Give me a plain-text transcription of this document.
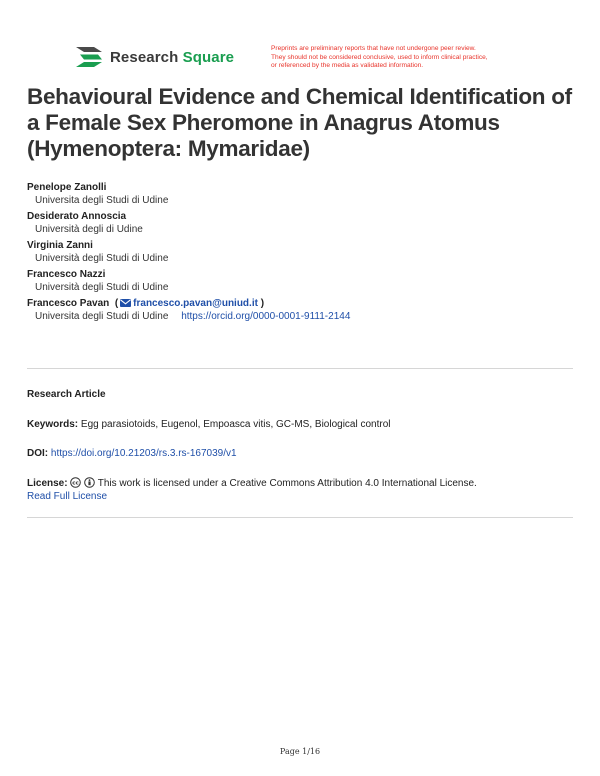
Research Square	Preprints are preliminary reports that have not undergone peer review.
They should not be considered conclusive, used to inform clinical practice,
or referenced by the media as validated information.
Behavioural Evidence and Chemical Identification of
a Female Sex Pheromone in Anagrus Atomus
(Hymenoptera: Mymaridae)
Penelope Zanolli
Universita degli Studi di Udine
Desiderato Annoscia
Università degli di Udine
Virginia Zanni
Università degli Studi di Udine
Francesco Nazzi
Università degli Studi di Udine
Francesco Pavan  ( francesco.pavan@uniud.it )
Universita degli Studi di Udine https://orcid.org/0000-0001-9111-2144
Research Article
Keywords: Egg parasiotoids, Eugenol, Empoasca vitis, GC-MS, Biological control
DOI: https://doi.org/10.21203/rs.3.rs-167039/v1
License: cc This work is licensed under a Creative Commons Attribution 4.0 International License.
Read Full License
Page 1/16
